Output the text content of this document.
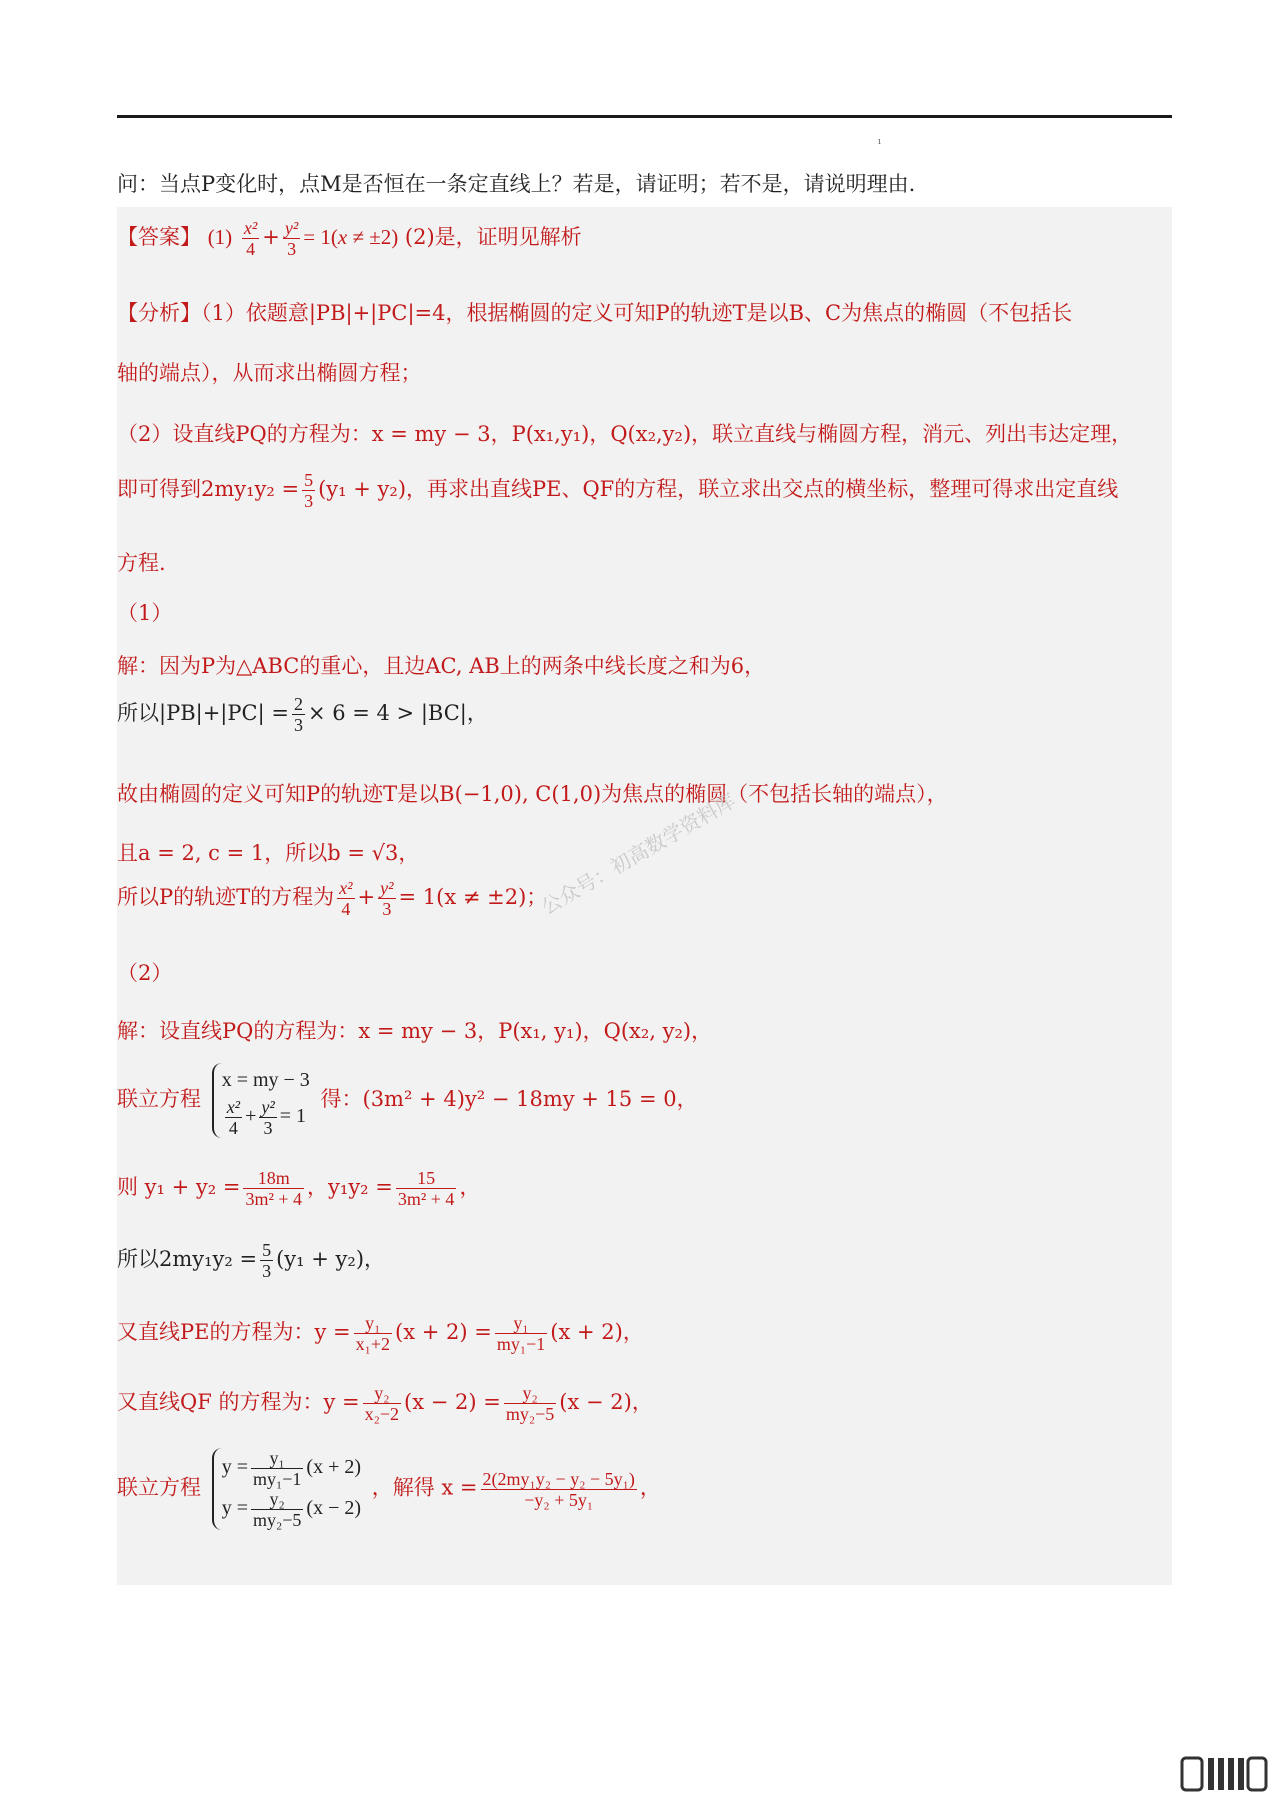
ı
问：当点P变化时，点M是否恒在一条定直线上？若是，请证明；若不是，请说明理由.
【答案】 $(1) \frac{\text{x²}}{4} + \frac{\text{y²}}{3} = 1(x \ne \pm 2)$ (2)是，证明见解析
【分析】（1）依题意|PB|+|PC|=4，根据椭圆的定义可知P的轨迹T是以B、C为焦点的椭圆（不包括长
轴的端点），从而求出椭圆方程；
（2）设直线PQ的方程为：x = my − 3，P(x₁,y₁)，Q(x₂,y₂)，联立直线与椭圆方程，消元、列出韦达定理，
即可得到$2my_1y_2 = \frac{5}{3} (y_1 + y_2)$，再求出直线PE、QF的方程，联立求出交点的横坐标，整理可得求出定直线
方程.
（1）
解：因为P为△ABC的重心，且边AC, AB上的两条中线长度之和为6，
所以$|PB|+|PC| = \frac{2}{3} \times 6 = 4 > |BC|$，
故由椭圆的定义可知P的轨迹T是以B(−1,0), C(1,0)为焦点的椭圆（不包括长轴的端点），
且a = 2, c = 1，所以b = √3，
所以P的轨迹T的方程为 $\frac{\text{x²}}{4} + \frac{\text{y²}}{3} = 1(x \ne \pm 2)$；
（2）
解：设直线PQ的方程为：x = my − 3，P(x₁, y₁)，Q(x₂, y₂)，
联立方程
x = my − 3
$\frac{\text{x²}}{4} + \frac{\text{y²}}{3} = 1$
得：(3m² + 4)y² − 18my + 15 = 0，
则 $y_1 + y_2 = \frac{18m}{\text{3m² + 4}}$ ，$y_1y_2 = \frac{15}{\text{3m² + 4}}$ ，
所以$2my_1y_2 = \frac{5}{3} (y_1 + y_2)$，
又直线PE的方程为：$y = \frac{\text{y₁}}{\text{x₁+2}} (x + 2) = \frac{\text{y₁}}{\text{my₁−1}} (x + 2)$，
又直线QF 的方程为：$y = \frac{\text{y₂}}{\text{x₂−2}} (x - 2) = \frac{\text{y₂}}{\text{my₂−5}} (x - 2)$，
联立方程
$y = \frac{\text{y₁}}{\text{my₁−1}} (x + 2)$
$y = \frac{\text{y₂}}{\text{my₂−5}} (x - 2)$
，解得 $x = \frac{\text{2(2my₁y₂ − y₂ − 5y₁)}}{\text{−y₂ + 5y₁}}$ ，
公众号：初高数学资料库
